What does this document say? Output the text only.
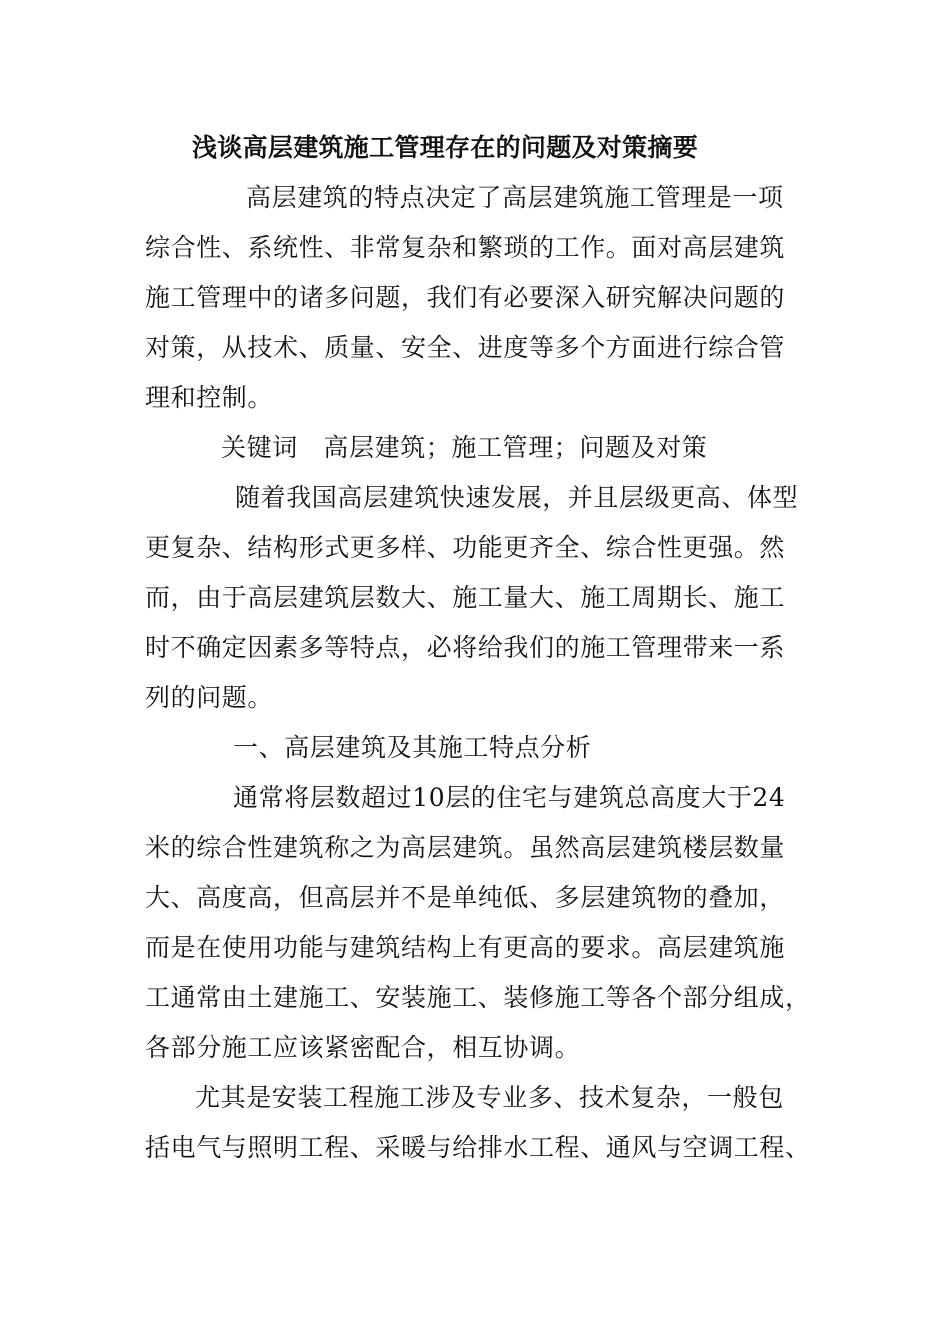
浅谈高层建筑施工管理存在的问题及对策摘要
高层建筑的特点决定了高层建筑施工管理是一项
综合性、系统性、非常复杂和繁琐的工作。面对高层建筑
施工管理中的诸多问题，我们有必要深入研究解决问题的
对策，从技术、质量、安全、进度等多个方面进行综合管
理和控制。
关键词　高层建筑；施工管理；问题及对策
随着我国高层建筑快速发展，并且层级更高、体型
更复杂、结构形式更多样、功能更齐全、综合性更强。然
而，由于高层建筑层数大、施工量大、施工周期长、施工
时不确定因素多等特点，必将给我们的施工管理带来一系
列的问题。
一、高层建筑及其施工特点分析
通常将层数超过10层的住宅与建筑总高度大于24
米的综合性建筑称之为高层建筑。虽然高层建筑楼层数量
大、高度高，但高层并不是单纯低、多层建筑物的叠加，
而是在使用功能与建筑结构上有更高的要求。高层建筑施
工通常由土建施工、安装施工、装修施工等各个部分组成，
各部分施工应该紧密配合，相互协调。
尤其是安装工程施工涉及专业多、技术复杂，一般包
括电气与照明工程、采暖与给排水工程、通风与空调工程、
